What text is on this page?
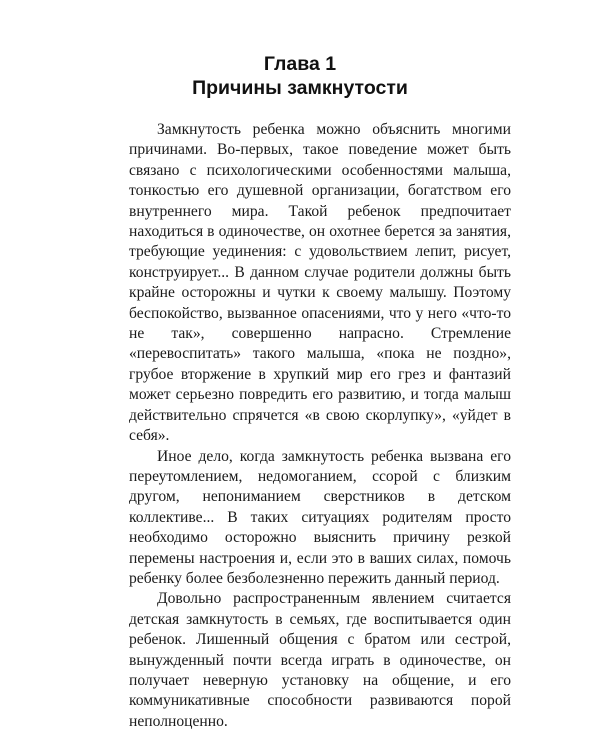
Глава 1
Причины замкнутости

Замкнутость ребенка можно объяснить многими причинами. Во-первых, такое поведение может быть связано с психологическими особенностями малыша, тонкостью его душевной организации, богатством его внутреннего мира. Такой ребенок предпочитает находиться в одиночестве, он охотнее берется за занятия, требующие уединения: с удовольствием лепит, рисует, конструирует... В данном случае родители должны быть крайне осторожны и чутки к своему малышу. Поэтому беспокойство, вызванное опасениями, что у него «что-то не так», совершенно напрасно. Стремление «перевоспитать» такого малыша, «пока не поздно», грубое вторжение в хрупкий мир его грез и фантазий может серьезно повредить его развитию, и тогда малыш действительно спрячется «в свою скорлупку», «уйдет в себя».

Иное дело, когда замкнутость ребенка вызвана его переутомлением, недомоганием, ссорой с близким другом, непониманием сверстников в детском коллективе... В таких ситуациях родителям просто необходимо осторожно выяснить причину резкой перемены настроения и, если это в ваших силах, помочь ребенку более безболезненно пережить данный период.

Довольно распространенным явлением считается детская замкнутость в семьях, где воспитывается один ребенок. Лишенный общения с братом или сестрой, вынужденный почти всегда играть в одиночестве, он получает неверную установку на общение, и его коммуникативные способности развиваются порой неполноценно.
